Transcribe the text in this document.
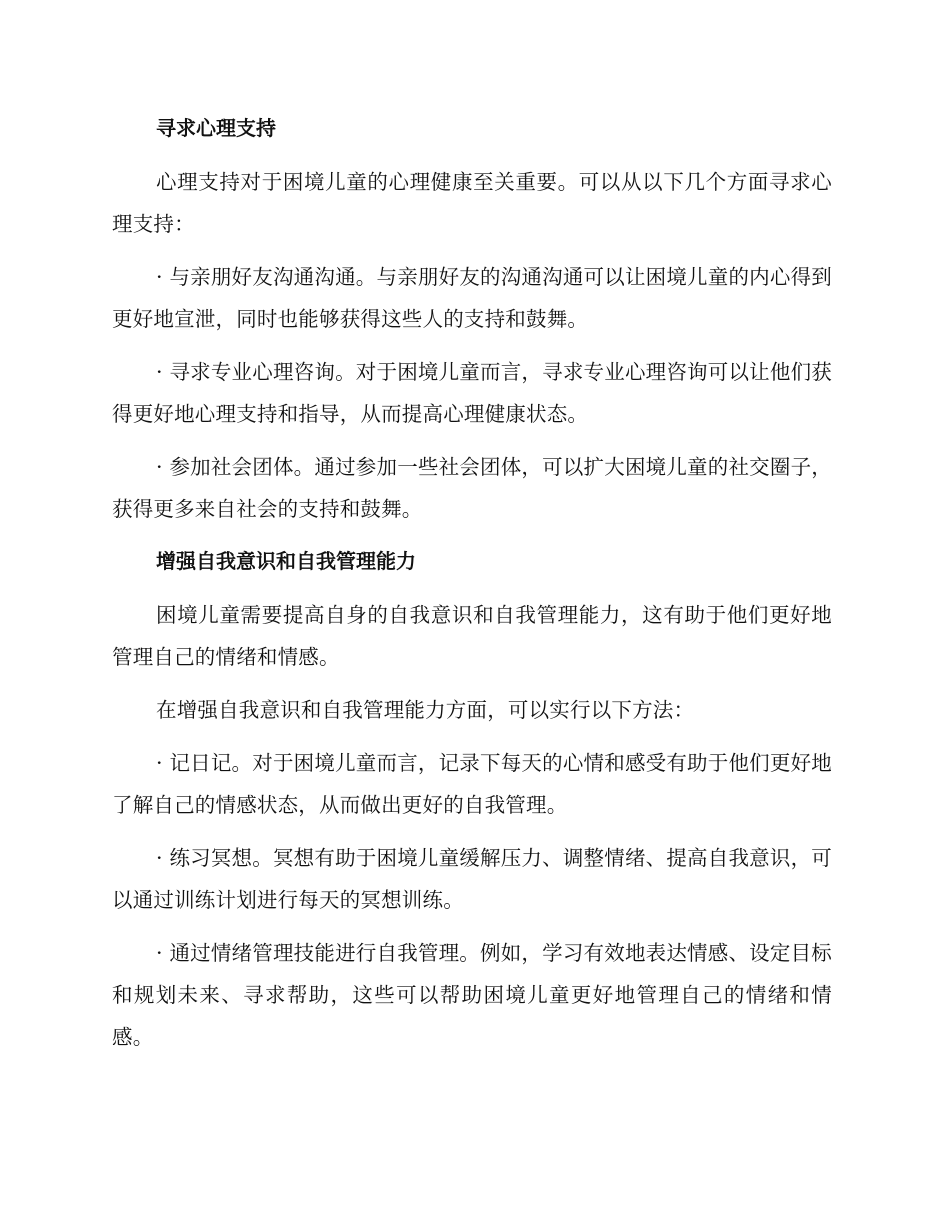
寻求心理支持

心理支持对于困境儿童的心理健康至关重要。可以从以下几个方面寻求心理支持：

· 与亲朋好友沟通沟通。与亲朋好友的沟通沟通可以让困境儿童的内心得到更好地宣泄，同时也能够获得这些人的支持和鼓舞。

· 寻求专业心理咨询。对于困境儿童而言，寻求专业心理咨询可以让他们获得更好地心理支持和指导，从而提高心理健康状态。

· 参加社会团体。通过参加一些社会团体，可以扩大困境儿童的社交圈子，获得更多来自社会的支持和鼓舞。

增强自我意识和自我管理能力

困境儿童需要提高自身的自我意识和自我管理能力，这有助于他们更好地管理自己的情绪和情感。

在增强自我意识和自我管理能力方面，可以实行以下方法：

· 记日记。对于困境儿童而言，记录下每天的心情和感受有助于他们更好地了解自己的情感状态，从而做出更好的自我管理。

· 练习冥想。冥想有助于困境儿童缓解压力、调整情绪、提高自我意识，可以通过训练计划进行每天的冥想训练。

· 通过情绪管理技能进行自我管理。例如，学习有效地表达情感、设定目标和规划未来、寻求帮助，这些可以帮助困境儿童更好地管理自己的情绪和情感。
